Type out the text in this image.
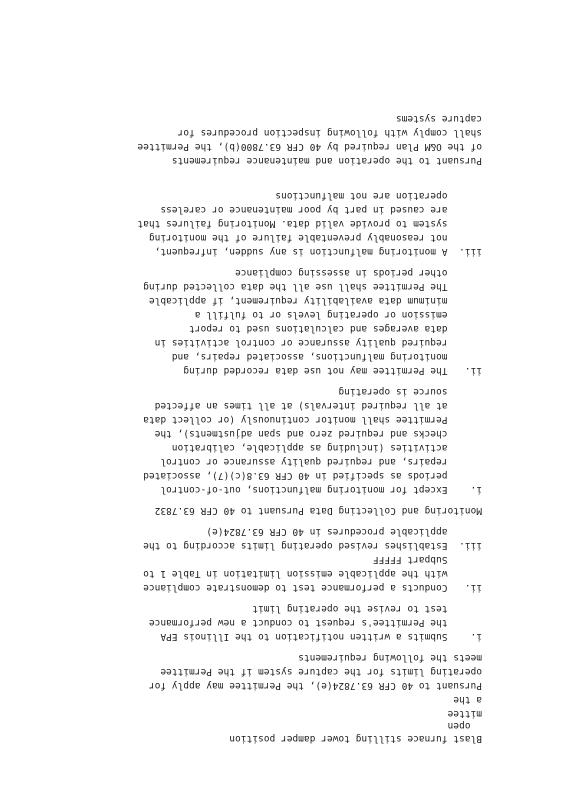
Blast furnace stilling tower damper position
open
mittee
a the
Pursuant to 40 CFR 63.7824(e), the Permittee may apply for
operating limits for the capture system if the Permittee
meets the following requirements
i.    Submits a written notification to the Illinois EPA
the Permittee's request to conduct a new performance
test to revise the operating limit
ii.   Conducts a performance test to demonstrate compliance
with the applicable emission limitation in Table 1 to
Subpart FFFFF
iii.  Establishes revised operating limits according to the
applicable procedures in 40 CFR 63.7824(e)
Monitoring and Collecting Data Pursuant to 40 CFR 63.7832
i.    Except for monitoring malfunctions, out-of-control
periods as specified in 40 CFR 63.8(c)(7), associated
repairs, and required quality assurance or control
activities (including as applicable, calibration
checks and required zero and span adjustments), the
Permittee shall monitor continuously (or collect data
at all required intervals) at all times an affected
source is operating
ii.   The Permittee may not use data recorded during
monitoring malfunctions, associated repairs, and
required quality assurance or control activities in
data averages and calculations used to report
emission or operating levels or to fulfill a
minimum data availability requirement, if applicable
The Permittee shall use all the data collected during
other periods in assessing compliance
iii.  A monitoring malfunction is any sudden, infrequent,
not reasonably preventable failure of the monitoring
system to provide valid data. Monitoring failures that
are caused in part by poor maintenance or careless
operation are not malfunctions
Pursuant to the operation and maintenance requirements
of the O&M Plan required by 40 CFR 63.7800(b), the Permittee
shall comply with following inspection procedures for
capture systems
